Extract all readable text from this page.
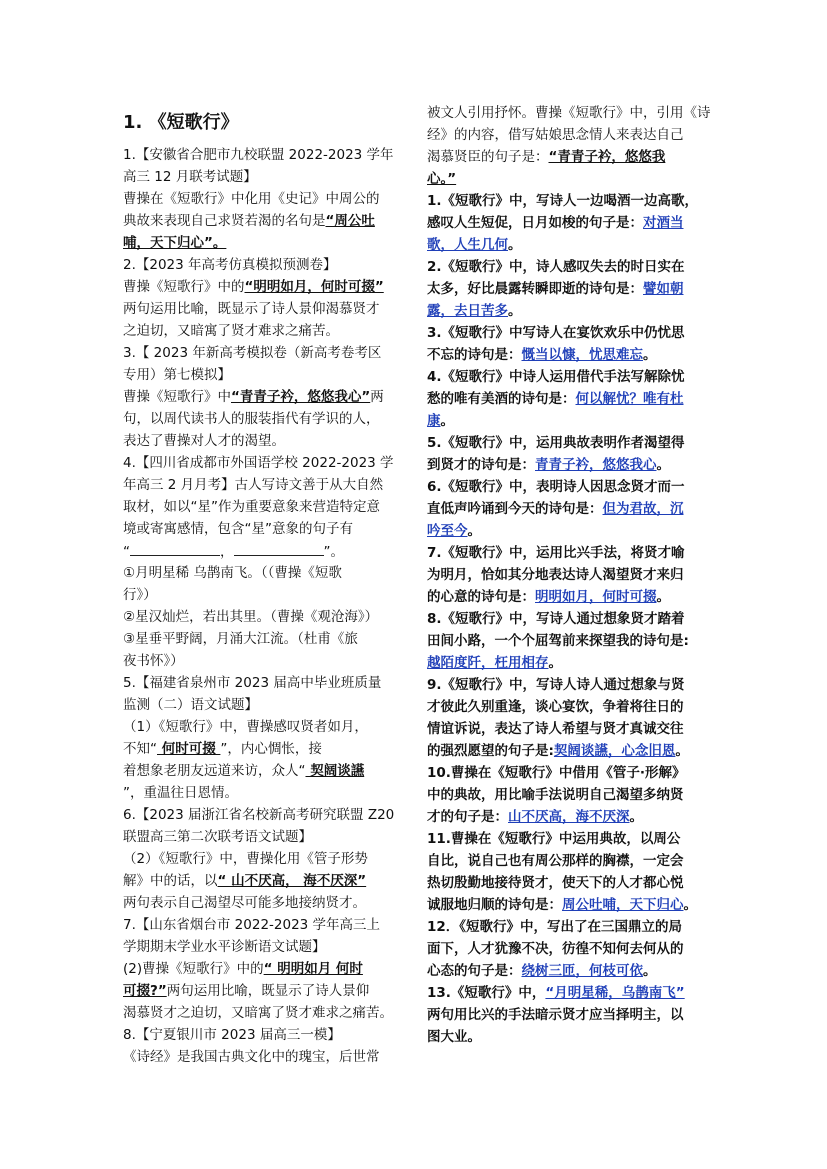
1. 《短歌行》
1.【安徽省合肥市九校联盟 2022-2023 学年
高三 12 月联考试题】
曹操在《短歌行》中化用《史记》中周公的
典故来表现自己求贤若渴的名句是“周公吐
哺，天下归心”。
2.【2023 年高考仿真模拟预测卷】
曹操《短歌行》中的“明明如月，何时可掇”
两句运用比喻，既显示了诗人景仰渴慕贤才
之迫切，又暗寓了贤才难求之痛苦。
3.【 2023 年新高考模拟卷（新高考卷考区
专用）第七模拟】
曹操《短歌行》中“青青子衿，悠悠我心”两
句，以周代读书人的服装指代有学识的人，
表达了曹操对人才的渴望。
4.【四川省成都市外国语学校 2022-2023 学
年高三 2 月月考】古人写诗文善于从大自然
取材，如以“星”作为重要意象来营造特定意
境或寄寓感情，包含“星”意象的句子有
“	，	”。
①月明星稀 乌鹊南飞。（（曹操《短歌
行》）
②星汉灿烂，若出其里。（曹操《观沧海》）
③星垂平野阔，月涌大江流。（杜甫《旅
夜书怀》）
5.【福建省泉州市 2023 届高中毕业班质量
监测（二）语文试题】
（1）《短歌行》中，曹操感叹贤者如月，
不知“ 何时可掇 ”，内心惆怅，接
着想象老朋友远道来访，众人“ 契阔谈讌
”，重温往日恩情。
6.【2023 届浙江省名校新高考研究联盟 Z20
联盟高三第二次联考语文试题】
（2）《短歌行》中，曹操化用《管子形势
解》中的话，以“ 山不厌高， 海不厌深”
两句表示自己渴望尽可能多地接纳贤才。
7.【山东省烟台市 2022-2023 学年高三上
学期期末学业水平诊断语文试题】
(2)曹操《短歌行》中的“ 明明如月 何时
可掇?”两句运用比喻，既显示了诗人景仰
渴慕贤才之迫切，又暗寓了贤才难求之痛苦。
8.【宁夏银川市 2023 届高三一模】
《诗经》是我国古典文化中的瑰宝，后世常
被文人引用抒怀。曹操《短歌行》中，引用《诗
经》的内容，借写姑娘思念情人来表达自己
渴慕贤臣的句子是：“青青子衿，悠悠我
心。”
1.《短歌行》中，写诗人一边喝酒一边高歌，
感叹人生短促，日月如梭的句子是：对酒当
歌，人生几何。
2.《短歌行》中，诗人感叹失去的时日实在
太多，好比晨露转瞬即逝的诗句是：譬如朝
露，去日苦多。
3.《短歌行》中写诗人在宴饮欢乐中仍忧思
不忘的诗句是：慨当以慷，忧思难忘。
4.《短歌行》中诗人运用借代手法写解除忧
愁的唯有美酒的诗句是：何以解忧？唯有杜
康。
5.《短歌行》中，运用典故表明作者渴望得
到贤才的诗句是：青青子衿，悠悠我心。
6.《短歌行》中，表明诗人因思念贤才而一
直低声吟诵到今天的诗句是：但为君故，沉
吟至今。
7.《短歌行》中，运用比兴手法，将贤才喻
为明月，恰如其分地表达诗人渴望贤才来归
的心意的诗句是：明明如月，何时可掇。
8.《短歌行》中，写诗人通过想象贤才踏着
田间小路，一个个屈驾前来探望我的诗句是:
越陌度阡，枉用相存。
9.《短歌行》中，写诗人诗人通过想象与贤
才彼此久别重逢，谈心宴饮，争着将往日的
情谊诉说，表达了诗人希望与贤才真诚交往
的强烈愿望的句子是:契阔谈讌，心念旧恩。
10.曹操在《短歌行》中借用《管子·形解》
中的典故，用比喻手法说明自己渴望多纳贤
才的句子是：山不厌高，海不厌深。
11.曹操在《短歌行》中运用典故，以周公
自比，说自己也有周公那样的胸襟，一定会
热切殷勤地接待贤才，使天下的人才都心悦
诚服地归顺的诗句是：周公吐哺，天下归心。
12．《短歌行》中，写出了在三国鼎立的局
面下，人才犹豫不决，彷徨不知何去何从的
心态的句子是：绕树三匝，何枝可依。
13.《短歌行》中，“月明星稀，乌鹊南飞”
两句用比兴的手法暗示贤才应当择明主，以
图大业。
